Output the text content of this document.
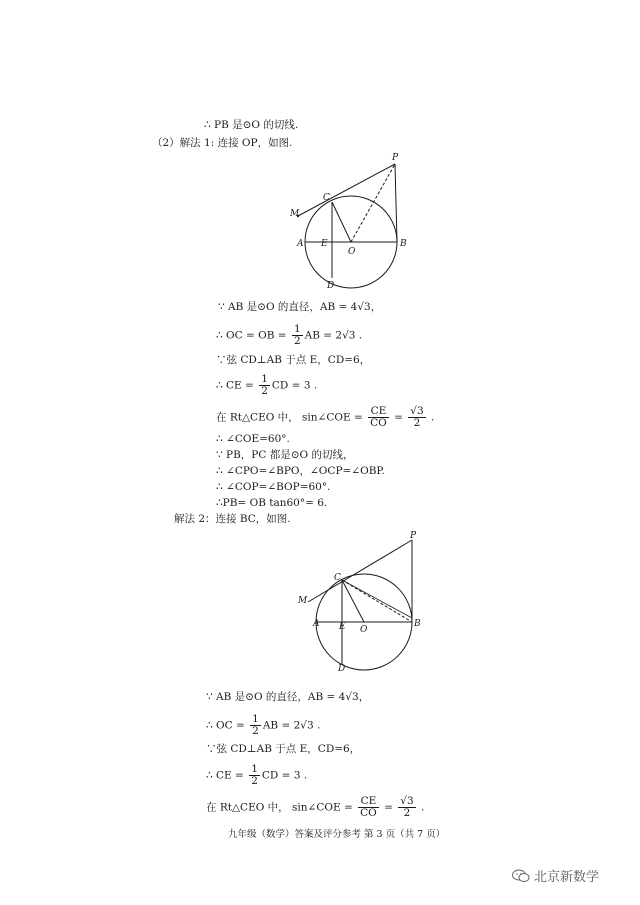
∴ PB 是⊙O 的切线.
（2）解法 1: 连接 OP，如图.
P
C
M
A E
O
B
D
∵ AB 是⊙O 的直径，AB = 4√3，
∴ OC = OB = $\frac{1}{2}$ AB = 2√3 .
∵弦 CD⊥AB 于点 E，CD=6，
∴ CE = $\frac{1}{2}$ CD = 3 .
在 Rt△CEO 中， sin∠COE = $\frac{CE}{CO} = \frac{√3}{2}$ .
∴ ∠COE=60°.
∵ PB，PC 都是⊙O 的切线，
∴ ∠CPO=∠BPO，∠OCP=∠OBP.
∴ ∠COP=∠BOP=60°.
∴PB= OB tan60°= 6.
解法 2：连接 BC，如图.
P
C
M
A E O
B
D
∵ AB 是⊙O 的直径，AB = 4√3，
∴ OC = $\frac{1}{2}$ AB = 2√3 .
∵弦 CD⊥AB 于点 E，CD=6，
∴ CE = $\frac{1}{2}$ CD = 3 .
在 Rt△CEO 中， sin∠COE = $\frac{CE}{CO} = \frac{√3}{2}$ .
九年级（数学）答案及评分参考 第 3 页（共 7 页）
北京新数学
